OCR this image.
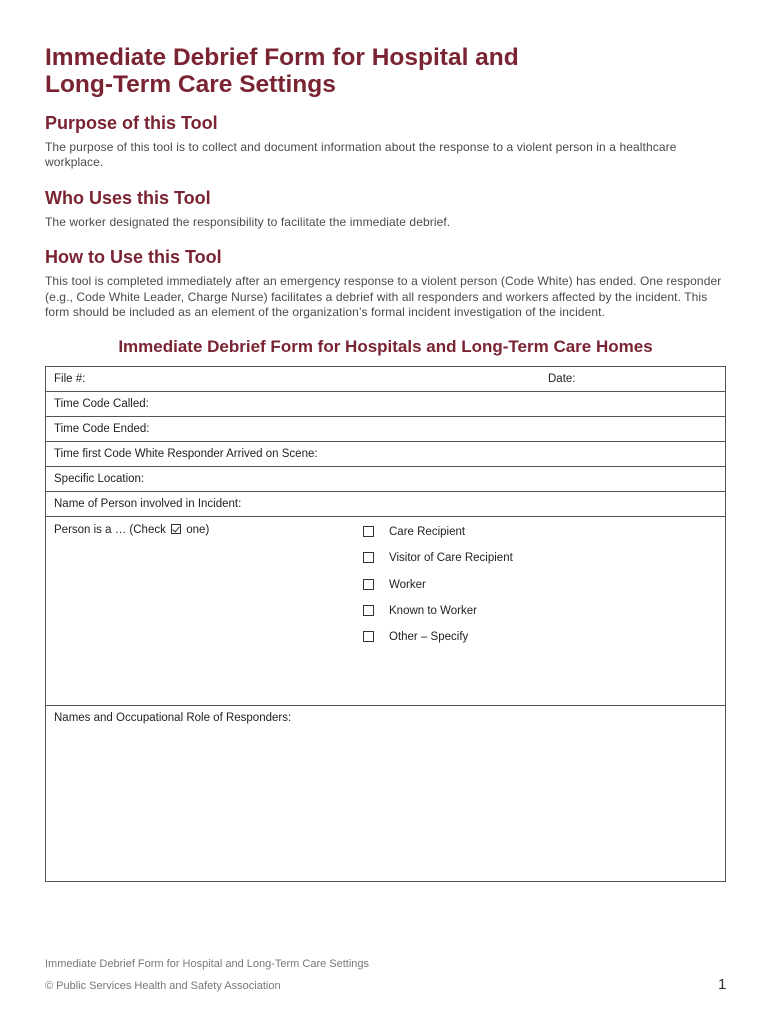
Immediate Debrief Form for Hospital and
Long-Term Care Settings
Purpose of this Tool

The purpose of this tool is to collect and document information about the response to a violent person in a healthcare workplace.

Who Uses this Tool

The worker designated the responsibility to facilitate the immediate debrief.

How to Use this Tool

This tool is completed immediately after an emergency response to a violent person (Code White) has ended. One responder (e.g., Code White Leader, Charge Nurse) facilitates a debrief with all responders and workers affected by the incident. This form should be included as an element of the organization’s formal incident investigation of the incident.

Immediate Debrief Form for Hospitals and Long-Term Care Homes
File #:	Date:
Time Code Called:
Time Code Ended:
Time first Code White Responder Arrived on Scene:
Specific Location:
Name of Person involved in Incident:
Person is a … (Check one)	Care Recipient
Visitor of Care Recipient
Worker
Known to Worker
Other – Specify
Names and Occupational Role of Responders:
Immediate Debrief Form for Hospital and Long-Term Care Settings
© Public Services Health and Safety Association	1
